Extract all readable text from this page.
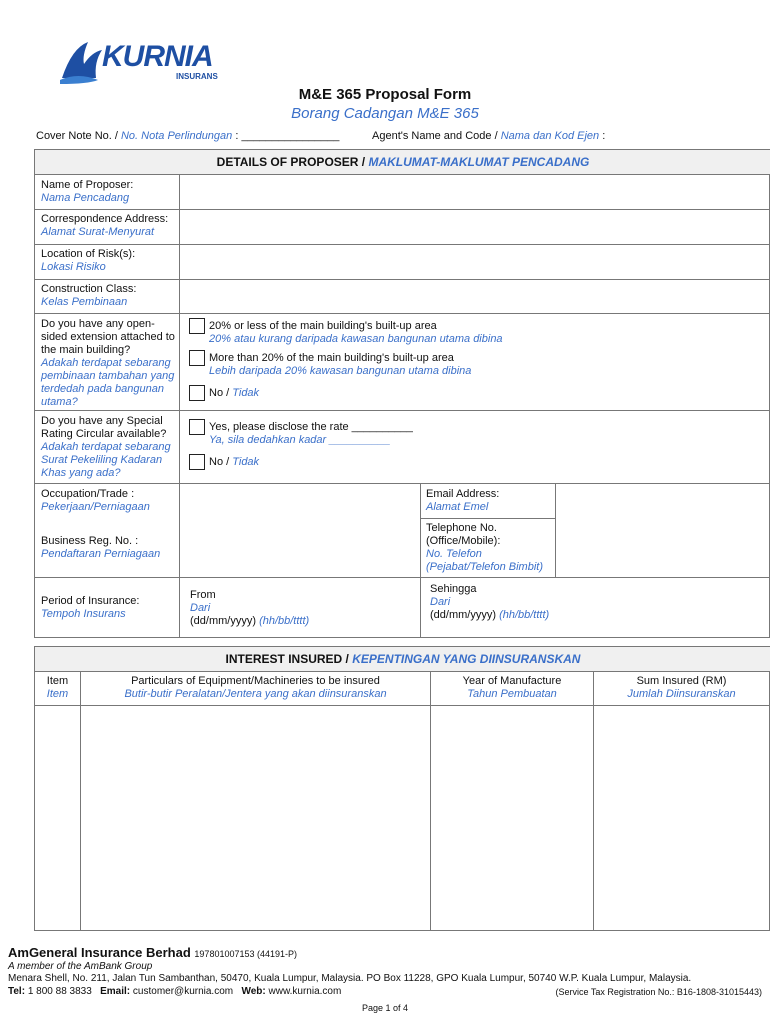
KURNIA
INSURANS
M&E 365 Proposal Form
Borang Cadangan M&E 365
Cover Note No. / No. Nota Perlindungan : ________________	Agent's Name and Code / Nama dan Kod Ejen :
DETAILS OF PROPOSER / MAKLUMAT-MAKLUMAT PENCADANG
Name of Proposer:
Nama Pencadang
Correspondence Address:
Alamat Surat-Menyurat
Location of Risk(s):
Lokasi Risiko
Construction Class:
Kelas Pembinaan
Do you have any open-sided extension attached to the main building?
Adakah terdapat sebarang pembinaan tambahan yang terdedah pada bangunan utama?
20% or less of the main building's built-up area
20% atau kurang daripada kawasan bangunan utama dibina
More than 20% of the main building's built-up area
Lebih daripada 20% kawasan bangunan utama dibina
No / Tidak
Do you have any Special Rating Circular available?
Adakah terdapat sebarang Surat Pekeliling Kadaran Khas yang ada?
Yes, please disclose the rate __________
Ya, sila dedahkan kadar __________
No / Tidak
Occupation/Trade :
Pekerjaan/Perniagaan
Email Address:
Alamat Emel
Business Reg. No. :
Pendaftaran Perniagaan
Telephone No. (Office/Mobile):
No. Telefon (Pejabat/Telefon Bimbit)
Period of Insurance:
Tempoh Insurans
From
Dari
(dd/mm/yyyy) (hh/bb/tttt)
Sehingga
Dari
(dd/mm/yyyy) (hh/bb/tttt)
INTEREST INSURED / KEPENTINGAN YANG DIINSURANSKAN
Item
Item
Particulars of Equipment/Machineries to be insured
Butir-butir Peralatan/Jentera yang akan diinsuranskan
Year of Manufacture
Tahun Pembuatan
Sum Insured (RM)
Jumlah Diinsuranskan
AmGeneral Insurance Berhad 197801007153 (44191-P)
A member of the AmBank Group
Menara Shell, No. 211, Jalan Tun Sambanthan, 50470, Kuala Lumpur, Malaysia. PO Box 11228, GPO Kuala Lumpur, 50740 W.P. Kuala Lumpur, Malaysia.
Tel: 1 800 88 3833 Email: customer@kurnia.com Web: www.kurnia.com	(Service Tax Registration No.: B16-1808-31015443)
Page 1 of 4
